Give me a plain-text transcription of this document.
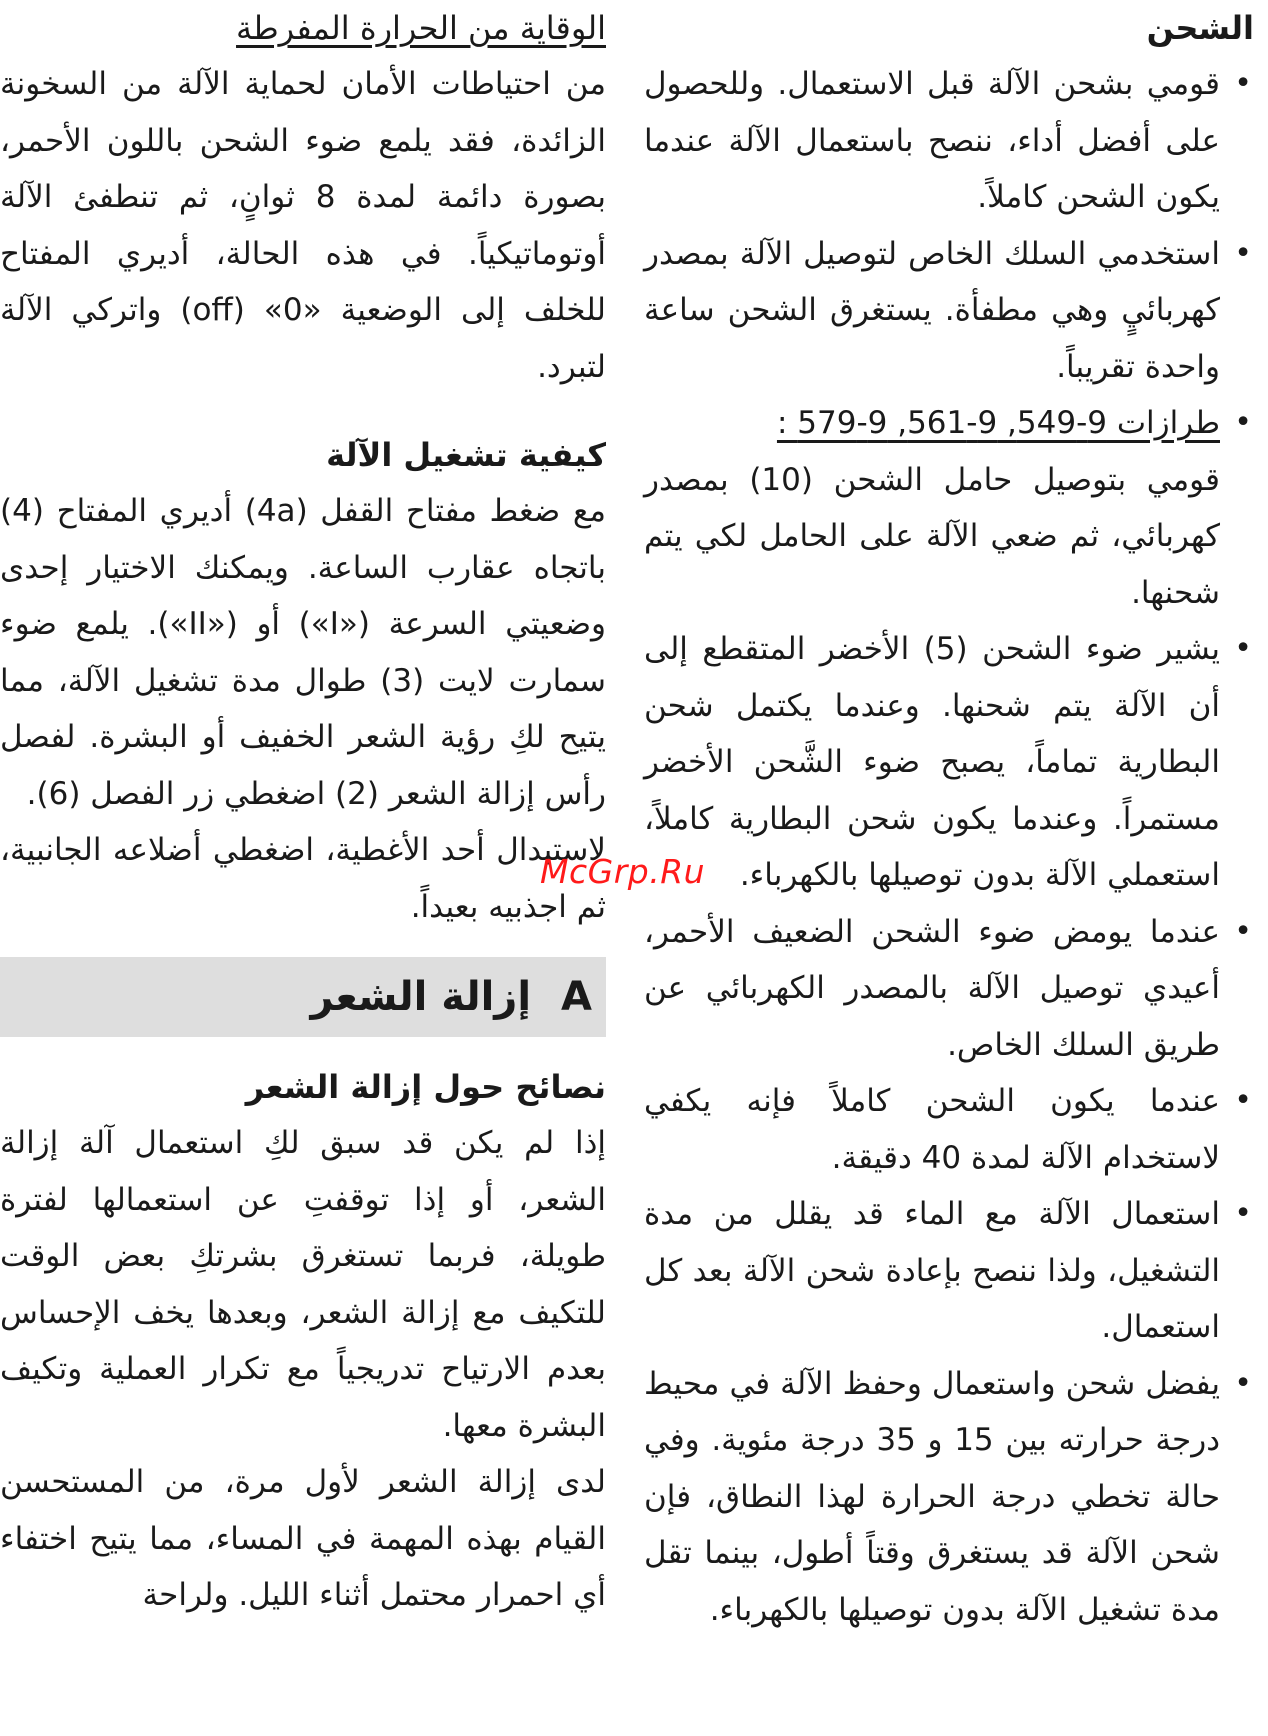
الشحن
• قومي بشحن الآلة قبل الاستعمال. وللحصول على أفضل أداء، ننصح باستعمال الآلة عندما يكون الشحن كاملاً.
• استخدمي السلك الخاص لتوصيل الآلة بمصدر كهربائيٍ وهي مطفأة. يستغرق الشحن ساعة واحدة تقريباً.
• طرازات 9-549, 9-561, 9-579 :
قومي بتوصيل حامل الشحن (10) بمصدر كهربائي، ثم ضعي الآلة على الحامل لكي يتم شحنها.
• يشير ضوء الشحن (5) الأخضر المتقطع إلى أن الآلة يتم شحنها. وعندما يكتمل شحن البطارية تماماً، يصبح ضوء الشَّحن الأخضر مستمراً. وعندما يكون شحن البطارية كاملاً، استعملي الآلة بدون توصيلها بالكهرباء.
• عندما يومض ضوء الشحن الضعيف الأحمر، أعيدي توصيل الآلة بالمصدر الكهربائي عن طريق السلك الخاص.
• عندما يكون الشحن كاملاً فإنه يكفي لاستخدام الآلة لمدة 40 دقيقة.
• استعمال الآلة مع الماء قد يقلل من مدة التشغيل، ولذا ننصح بإعادة شحن الآلة بعد كل استعمال.
• يفضل شحن واستعمال وحفظ الآلة في محيط درجة حرارته بين 15 و 35 درجة مئوية. وفي حالة تخطي درجة الحرارة لهذا النطاق، فإن شحن الآلة قد يستغرق وقتاً أطول، بينما تقل مدة تشغيل الآلة بدون توصيلها بالكهرباء.
الوقاية من الحرارة المفرطة

من احتياطات الأمان لحماية الآلة من السخونة الزائدة، فقد يلمع ضوء الشحن باللون الأحمر، بصورة دائمة لمدة 8 ثوانٍ، ثم تنطفئ الآلة أوتوماتيكياً. في هذه الحالة، أديري المفتاح للخلف إلى الوضعية «0» (off) واتركي الآلة لتبرد.

كيفية تشغيل الآلة

مع ضغط مفتاح القفل (4a) أديري المفتاح (4) باتجاه عقارب الساعة. ويمكنك الاختيار إحدى وضعيتي السرعة («I») أو («II»). يلمع ضوء سمارت لايت (3) طوال مدة تشغيل الآلة، مما يتيح لكِ رؤية الشعر الخفيف أو البشرة. لفصل رأس إزالة الشعر (2) اضغطي زر الفصل (6).

لاستبدال أحد الأغطية، اضغطي أضلاعه الجانبية، ثم اجذبيه بعيداً.

A
إزالة الشعر
نصائح حول إزالة الشعر

إذا لم يكن قد سبق لكِ استعمال آلة إزالة الشعر، أو إذا توقفتِ عن استعمالها لفترة طويلة، فربما تستغرق بشرتكِ بعض الوقت للتكيف مع إزالة الشعر، وبعدها يخف الإحساس بعدم الارتياح تدريجياً مع تكرار العملية وتكيف البشرة معها.

لدى إزالة الشعر لأول مرة، من المستحسن القيام بهذه المهمة في المساء، مما يتيح اختفاء أي احمرار محتمل أثناء الليل. ولراحة

McGrp.Ru
